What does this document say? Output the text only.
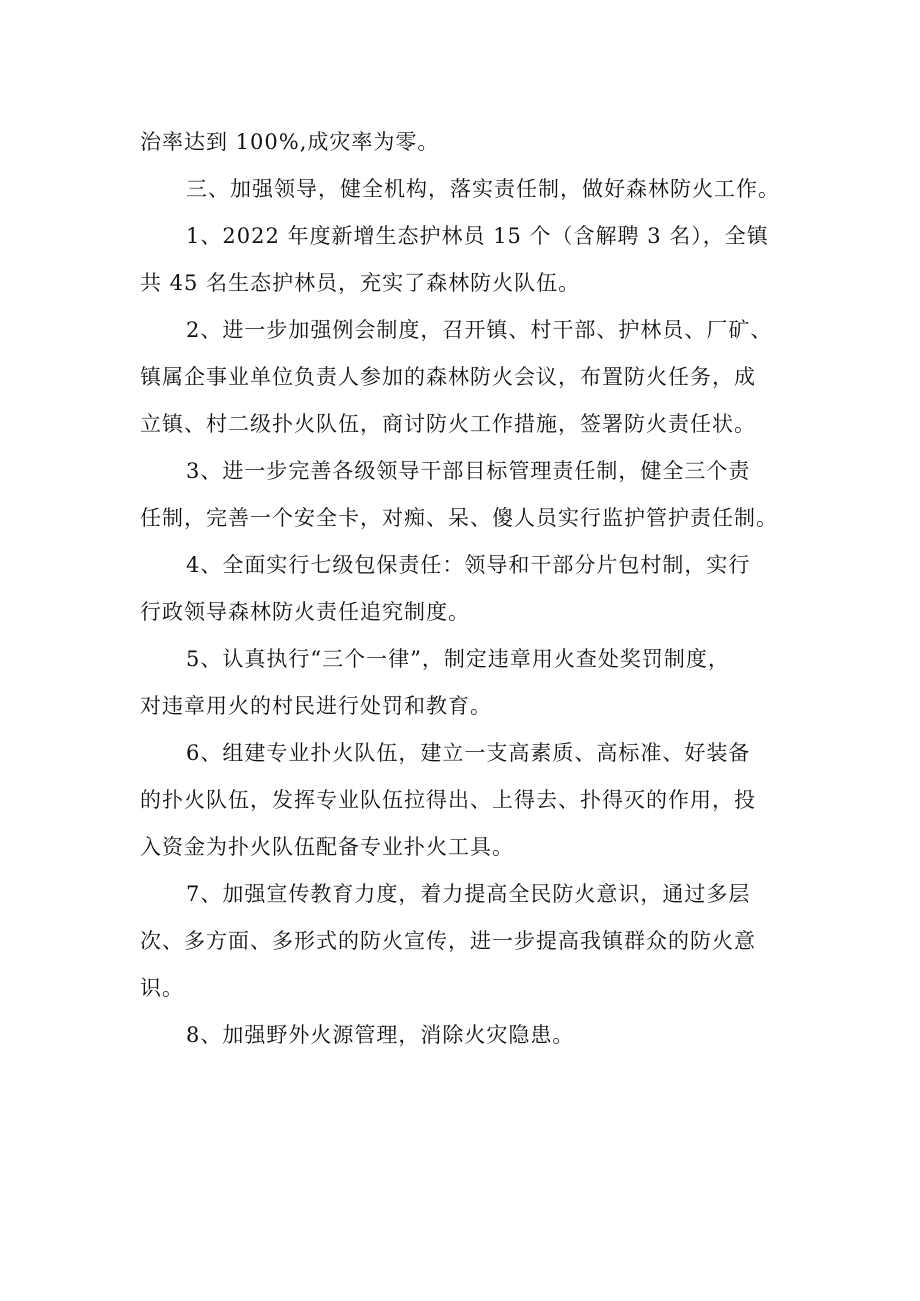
治率达到 100%,成灾率为零。

三、加强领导，健全机构，落实责任制，做好森林防火工作。

1、2022 年度新增生态护林员 15 个（含解聘 3 名），全镇
共 45 名生态护林员，充实了森林防火队伍。

2、进一步加强例会制度，召开镇、村干部、护林员、厂矿、
镇属企事业单位负责人参加的森林防火会议，布置防火任务，成
立镇、村二级扑火队伍，商讨防火工作措施，签署防火责任状。

3、进一步完善各级领导干部目标管理责任制，健全三个责
任制，完善一个安全卡，对痴、呆、傻人员实行监护管护责任制。

4、全面实行七级包保责任：领导和干部分片包村制，实行
行政领导森林防火责任追究制度。

5、认真执行“三个一律”，制定违章用火查处奖罚制度，
对违章用火的村民进行处罚和教育。

6、组建专业扑火队伍，建立一支高素质、高标准、好装备
的扑火队伍，发挥专业队伍拉得出、上得去、扑得灭的作用，投
入资金为扑火队伍配备专业扑火工具。

7、加强宣传教育力度，着力提高全民防火意识，通过多层
次、多方面、多形式的防火宣传，进一步提高我镇群众的防火意
识。

8、加强野外火源管理，消除火灾隐患。
